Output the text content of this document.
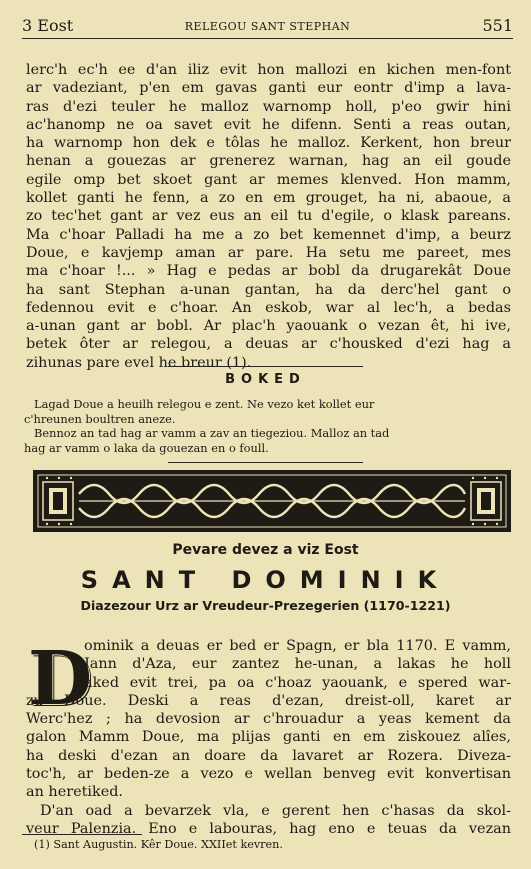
3 Eost	RELEGOU SANT STEPHAN	551
lerc'h ec'h ee d'an iliz evit hon mallozi en kichen men-font
ar vadeziant, p'en em gavas ganti eur eontr d'imp a lava-
ras d'ezi teuler he malloz warnomp holl, p'eo gwir hini
ac'hanomp ne oa savet evit he difenn. Senti a reas outan,
ha warnomp hon dek e tôlas he malloz. Kerkent, hon breur
henan a gouezas ar grenerez warnan, hag an eil goude
egile omp bet skoet gant ar memes klenved. Hon mamm,
kollet ganti he fenn, a zo en em grouget, ha ni, abaoue, a
zo tec'het gant ar vez eus an eil tu d'egile, o klask pareans.
Ma c'hoar Palladi ha me a zo bet kemennet d'imp, a beurz
Doue, e kavjemp aman ar pare. Ha setu me pareet, mes
ma c'hoar !... » Hag e pedas ar bobl da drugarekât Doue
ha sant Stephan a-unan gantan, ha da derc'hel gant o
fedennou evit e c'hoar. An eskob, war al lec'h, a bedas
a-unan gant ar bobl. Ar plac'h yaouank o vezan êt, hi ive,
betek ôter ar relegou, a deuas ar c'housked d'ezi hag a
zihunas pare evel he breur (1).
BOKED
Lagad Doue a heuilh relegou e zent. Ne vezo ket kollet eur
c'hreunen boultren aneze.
Bennoz an tad hag ar vamm a zav an tiegeziou. Malloz an tad
hag ar vamm o laka da gouezan en o foull.
Pevare devez a viz Eost
SANT DOMINIK
Diazezour Urz ar Vreudeur-Prezegerien (1170-1221)
D
ominik a deuas er bed er Spagn, er bla 1170. E vamm,
Jann d'Aza, eur zantez he-unan, a lakas he holl
aked evit trei, pa oa c'hoaz yaouank, e spered war-
zu Doue. Deski a reas d'ezan, dreist-oll, karet ar
Werc'hez ; ha devosion ar c'hrouadur a yeas kement da
galon Mamm Doue, ma plijas ganti en em ziskouez alîes,
ha deski d'ezan an doare da lavaret ar Rozera. Diveza-
toc'h, ar beden-ze a vezo e wellan benveg evit konvertisan
an heretiked.
D'an oad a bevarzek vla, e gerent hen c'hasas da skol-
veur Palenzia. Eno e labouras, hag eno e teuas da vezan
(1) Sant Augustin. Kêr Doue. XXIIet kevren.
